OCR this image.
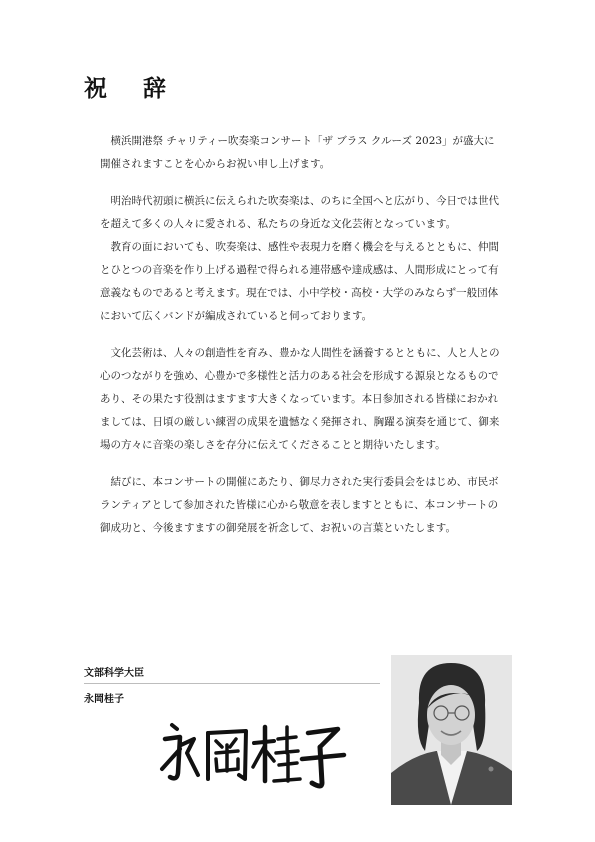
祝 辞

横浜開港祭 チャリティー吹奏楽コンサート「ザ ブラス クルーズ 2023」が盛大に開催されますことを心からお祝い申し上げます。

明治時代初頭に横浜に伝えられた吹奏楽は、のちに全国へと広がり、今日では世代を超えて多くの人々に愛される、私たちの身近な文化芸術となっています。

教育の面においても、吹奏楽は、感性や表現力を磨く機会を与えるとともに、仲間とひとつの音楽を作り上げる過程で得られる連帯感や達成感は、人間形成にとって有意義なものであると考えます。現在では、小中学校・高校・大学のみならず一般団体において広くバンドが編成されていると伺っております。

文化芸術は、人々の創造性を育み、豊かな人間性を涵養するとともに、人と人との心のつながりを強め、心豊かで多様性と活力のある社会を形成する源泉となるものであり、その果たす役割はますます大きくなっています。本日参加される皆様におかれましては、日頃の厳しい練習の成果を遺憾なく発揮され、胸躍る演奏を通じて、御来場の方々に音楽の楽しさを存分に伝えてくださることと期待いたします。

結びに、本コンサートの開催にあたり、御尽力された実行委員会をはじめ、市民ボランティアとして参加された皆様に心から敬意を表しますとともに、本コンサートの御成功と、今後ますますの御発展を祈念して、お祝いの言葉といたします。

文部科学大臣
永岡桂子
